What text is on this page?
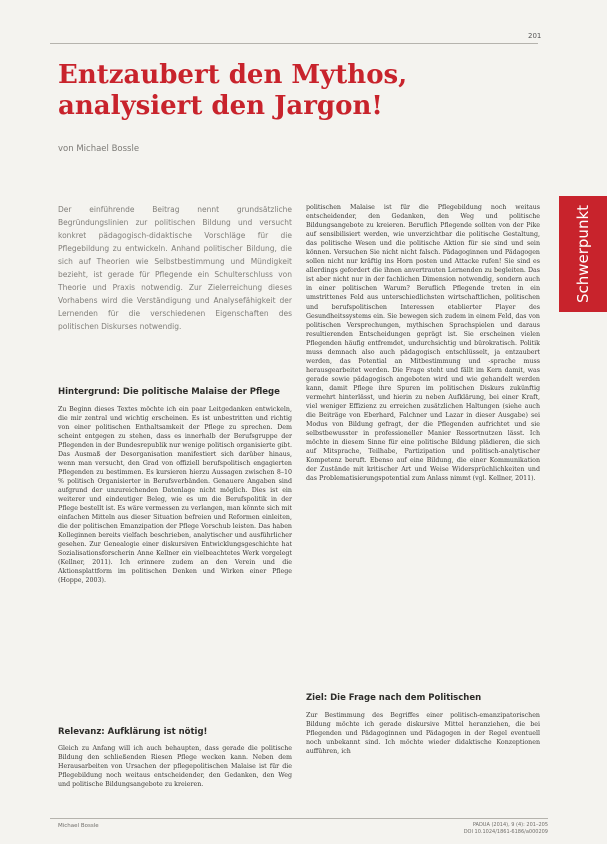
201
Entzaubert den Mythos, analysiert den Jargon!
von Michael Bossle

Der einführende Beitrag nennt grundsätzliche Begründungslinien zur politischen Bildung und versucht konkret pädagogisch-didaktische Vorschläge für die Pflegebildung zu entwickeln. Anhand politischer Bildung, die sich auf Theorien wie Selbstbestimmung und Mündigkeit bezieht, ist gerade für Pflegende ein Schulterschluss von Theorie und Praxis notwendig. Zur Zielerreichung dieses Vorhabens wird die Verständigung und Analysefähigkeit der Lernenden für die verschiedenen Eigenschaften des politischen Diskurses notwendig.

Hintergrund: Die politische Malaise der Pflege

Zu Beginn dieses Textes möchte ich ein paar Leitgedanken entwickeln, die mir zentral und wichtig erscheinen. Es ist unbestritten und richtig von einer politischen Enthaltsamkeit der Pflege zu sprechen. Dem scheint entgegen zu stehen, dass es innerhalb der Berufsgruppe der Pflegenden in der Bundesrepublik nur wenige politisch organisierte gibt. Das Ausmaß der Desorganisation manifestiert sich darüber hinaus, wenn man versucht, den Grad von offiziell berufspolitisch engagierten Pflegenden zu bestimmen. Es kursieren hierzu Aussagen zwischen 8–10 % politisch Organisierter in Berufsverbänden. Genauere Angaben sind aufgrund der unzureichenden Datenlage nicht möglich. Dies ist ein weiterer und eindeutiger Beleg, wie es um die Berufspolitik in der Pflege bestellt ist. Es wäre vermessen zu verlangen, man könnte sich mit einfachen Mitteln aus dieser Situation befreien und Reformen einleiten, die der politischen Emanzipation der Pflege Vorschub leisten. Das haben Kolleginnen bereits vielfach beschrieben, analytischer und ausführlicher gesehen. Zur Genealogie einer diskursiven Entwicklungsgeschichte hat Sozialisationsforscherin Anne Kellner ein vielbeachtetes Werk vorgelegt (Kellner, 2011). Ich erinnere zudem an den Verein und die Aktionsplattform im politischen Denken und Wirken einer Pflege (Hoppe, 2003).

Relevanz: Aufklärung ist nötig!

Gleich zu Anfang will ich auch behaupten, dass gerade die politische Bildung den schließenden Riesen Pflege wecken kann. Neben dem Herausarbeiten von Ursachen der pflegepolitischen Malaise ist für die Pflegebildung noch weitaus entscheidender, den Gedanken, den Weg und politische Bildungsangebote zu kreieren.

politischen Malaise ist für die Pflegebildung noch weitaus entscheidender, den Gedanken, den Weg und politische Bildungsangebote zu kreieren. Beruflich Pflegende sollten von der Pike auf sensibilisiert werden, wie unverzichtbar die politische Gestaltung, das politische Wesen und die politische Aktion für sie sind und sein können. Versuchen Sie nicht nicht falsch. Pädagoginnen und Pädagogen sollen nicht nur kräftig ins Horn posten und Attacke rufen! Sie sind es allerdings gefordert die ihnen anvertrauten Lernenden zu begleiten. Das ist aber nicht nur in der fachlichen Dimension notwendig, sondern auch in einer politischen Warum? Beruflich Pflegende treten in ein umstrittenes Feld aus unterschiedlichsten wirtschaftlichen, politischen und berufspolitischen Interessen etablierter Player des Gesundheitssystems ein. Sie bewegen sich zudem in einem Feld, das von politischen Versprechungen, mythischen Sprachspielen und daraus resultierenden Entscheidungen geprägt ist. Sie erscheinen vielen Pflegenden häufig entfremdet, undurchsichtig und bürokratisch. Politik muss demnach also auch pädagogisch entschlüsselt, ja entzaubert werden, das Potential an Mitbestimmung und -sprache muss herausgearbeitet werden. Die Frage steht und fällt im Kern damit, was gerade sowie pädagogisch angeboten wird und wie gehandelt werden kann, damit Pflege ihre Spuren im politischen Diskurs zukünftig vermehrt hinterlässt, und hierin zu neben Aufklärung, bei einer Kraft, viel weniger Effizienz zu erreichen zusätzlichen Haltungen (siehe auch die Beiträge von Eberhard, Falchner und Lazar in dieser Ausgabe) sei Modus von Bildung gefragt, der die Pflegenden aufrichtet und sie selbstbewusster in professioneller Manier Ressortnutzen lässt. Ich möchte in diesem Sinne für eine politische Bildung plädieren, die sich auf Mitsprache, Teilhabe, Partizipation und politisch-analytischer Kompetenz beruft. Ebenso auf eine Bildung, die einer Kommunikation der Zustände mit kritischer Art und Weise Widersprüchlichkeiten und das Problematisierungspotential zum Anlass nimmt (vgl. Kellner, 2011).

Ziel: Die Frage nach dem Politischen

Zur Bestimmung des Begriffes einer politisch-emanzipatorischen Bildung möchte ich gerade diskursive Mittel heranziehen, die bei Pflegenden und Pädagoginnen und Pädagogen in der Regel eventuell noch unbekannt sind. Ich möchte wieder didaktische Konzeptionen aufführen, ich

Schwerpunkt
Michael Bossle	PADUA (2014), 9 (4): 201–205
DOI 10.1024/1861-6186/a000209
